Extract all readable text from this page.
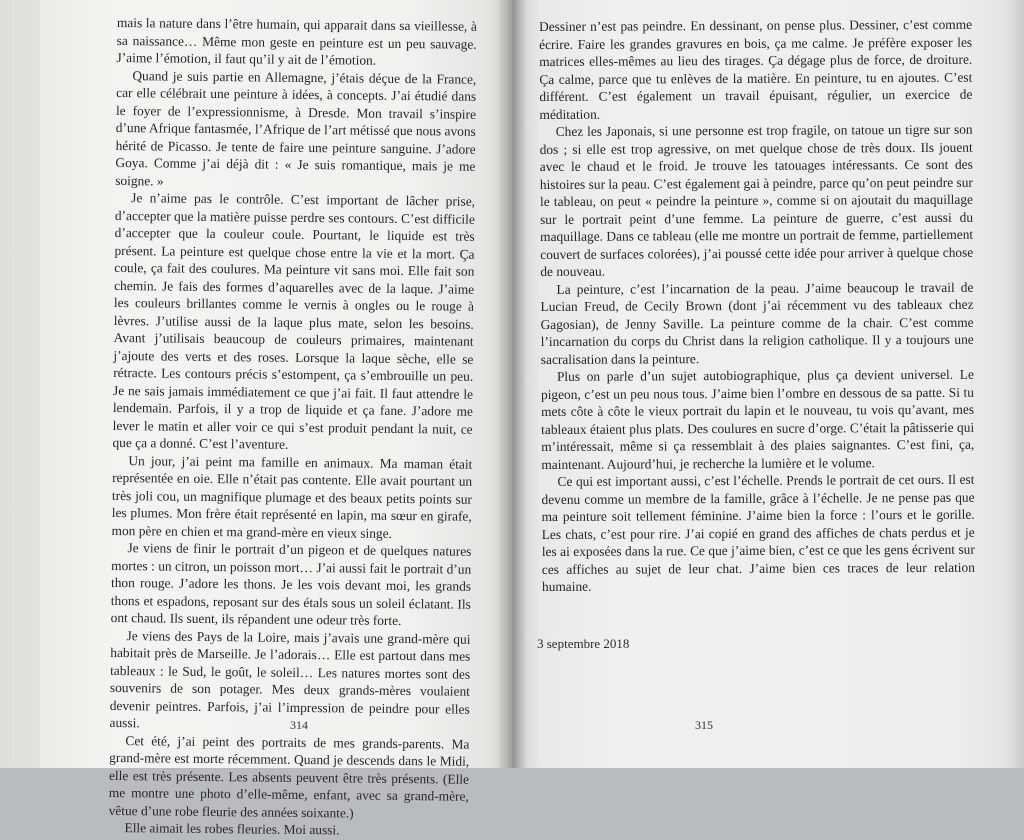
mais la nature dans l’être humain, qui apparait dans sa vieillesse, à sa naissance… Même mon geste en peinture est un peu sauvage. J’aime l’émotion, il faut qu’il y ait de l’émotion.

Quand je suis partie en Allemagne, j’étais déçue de la France, car elle célébrait une peinture à idées, à concepts. J’ai étudié dans le foyer de l’expressionnisme, à Dresde. Mon travail s’inspire d’une Afrique fantasmée, l’Afrique de l’art métissé que nous avons hérité de Picasso. Je tente de faire une peinture sanguine. J’adore Goya. Comme j’ai déjà dit : « Je suis romantique, mais je me soigne. »

Je n’aime pas le contrôle. C’est important de lâcher prise, d’accepter que la matière puisse perdre ses contours. C’est difficile d’accepter que la couleur coule. Pourtant, le liquide est très présent. La peinture est quelque chose entre la vie et la mort. Ça coule, ça fait des coulures. Ma peinture vit sans moi. Elle fait son chemin. Je fais des formes d’aquarelles avec de la laque. J’aime les couleurs brillantes comme le vernis à ongles ou le rouge à lèvres. J’utilise aussi de la laque plus mate, selon les besoins. Avant j’utilisais beaucoup de couleurs primaires, maintenant j’ajoute des verts et des roses. Lorsque la laque sèche, elle se rétracte. Les contours précis s’estompent, ça s’embrouille un peu. Je ne sais jamais immédiatement ce que j’ai fait. Il faut attendre le lendemain. Parfois, il y a trop de liquide et ça fane. J’adore me lever le matin et aller voir ce qui s’est produit pendant la nuit, ce que ça a donné. C’est l’aventure.

Un jour, j’ai peint ma famille en animaux. Ma maman était représentée en oie. Elle n’était pas contente. Elle avait pourtant un très joli cou, un magnifique plumage et des beaux petits points sur les plumes. Mon frère était représenté en lapin, ma sœur en girafe, mon père en chien et ma grand-mère en vieux singe.

Je viens de finir le portrait d’un pigeon et de quelques natures mortes : un citron, un poisson mort… J’ai aussi fait le portrait d’un thon rouge. J’adore les thons. Je les vois devant moi, les grands thons et espadons, reposant sur des étals sous un soleil éclatant. Ils ont chaud. Ils suent, ils répandent une odeur très forte.

Je viens des Pays de la Loire, mais j’avais une grand-mère qui habitait près de Marseille. Je l’adorais… Elle est partout dans mes tableaux : le Sud, le goût, le soleil… Les natures mortes sont des souvenirs de son potager. Mes deux grands-mères voulaient devenir peintres. Parfois, j’ai l’impression de peindre pour elles aussi.

Cet été, j’ai peint des portraits de mes grands-parents. Ma grand-mère est morte récemment. Quand je descends dans le Midi, elle est très présente. Les absents peuvent être très présents. (Elle me montre une photo d’elle-même, enfant, avec sa grand-mère, vêtue d’une robe fleurie des années soixante.)

Elle aimait les robes fleuries. Moi aussi.

314

Dessiner n’est pas peindre. En dessinant, on pense plus. Dessiner, c’est comme écrire. Faire les grandes gravures en bois, ça me calme. Je préfère exposer les matrices elles-mêmes au lieu des tirages. Ça dégage plus de force, de droiture. Ça calme, parce que tu enlèves de la matière. En peinture, tu en ajoutes. C’est différent. C’est également un travail épuisant, régulier, un exercice de méditation.

Chez les Japonais, si une personne est trop fragile, on tatoue un tigre sur son dos ; si elle est trop agressive, on met quelque chose de très doux. Ils jouent avec le chaud et le froid. Je trouve les tatouages intéressants. Ce sont des histoires sur la peau. C’est également gai à peindre, parce qu’on peut peindre sur le tableau, on peut « peindre la peinture », comme si on ajoutait du maquillage sur le portrait peint d’une femme. La peinture de guerre, c’est aussi du maquillage. Dans ce tableau (elle me montre un portrait de femme, partiellement couvert de surfaces colorées), j’ai poussé cette idée pour arriver à quelque chose de nouveau.

La peinture, c’est l’incarnation de la peau. J’aime beaucoup le travail de Lucian Freud, de Cecily Brown (dont j’ai récemment vu des tableaux chez Gagosian), de Jenny Saville. La peinture comme de la chair. C’est comme l’incarnation du corps du Christ dans la religion catholique. Il y a toujours une sacralisation dans la peinture.

Plus on parle d’un sujet autobiographique, plus ça devient universel. Le pigeon, c’est un peu nous tous. J’aime bien l’ombre en dessous de sa patte. Si tu mets côte à côte le vieux portrait du lapin et le nouveau, tu vois qu’avant, mes tableaux étaient plus plats. Des coulures en sucre d’orge. C’était la pâtisserie qui m’intéressait, même si ça ressemblait à des plaies saignantes. C’est fini, ça, maintenant. Aujourd’hui, je recherche la lumière et le volume.

Ce qui est important aussi, c’est l’échelle. Prends le portrait de cet ours. Il est devenu comme un membre de la famille, grâce à l’échelle. Je ne pense pas que ma peinture soit tellement féminine. J’aime bien la force : l’ours et le gorille. Les chats, c’est pour rire. J’ai copié en grand des affiches de chats perdus et je les ai exposées dans la rue. Ce que j’aime bien, c’est ce que les gens écrivent sur ces affiches au sujet de leur chat. J’aime bien ces traces de leur relation humaine.

3 septembre 2018
315
